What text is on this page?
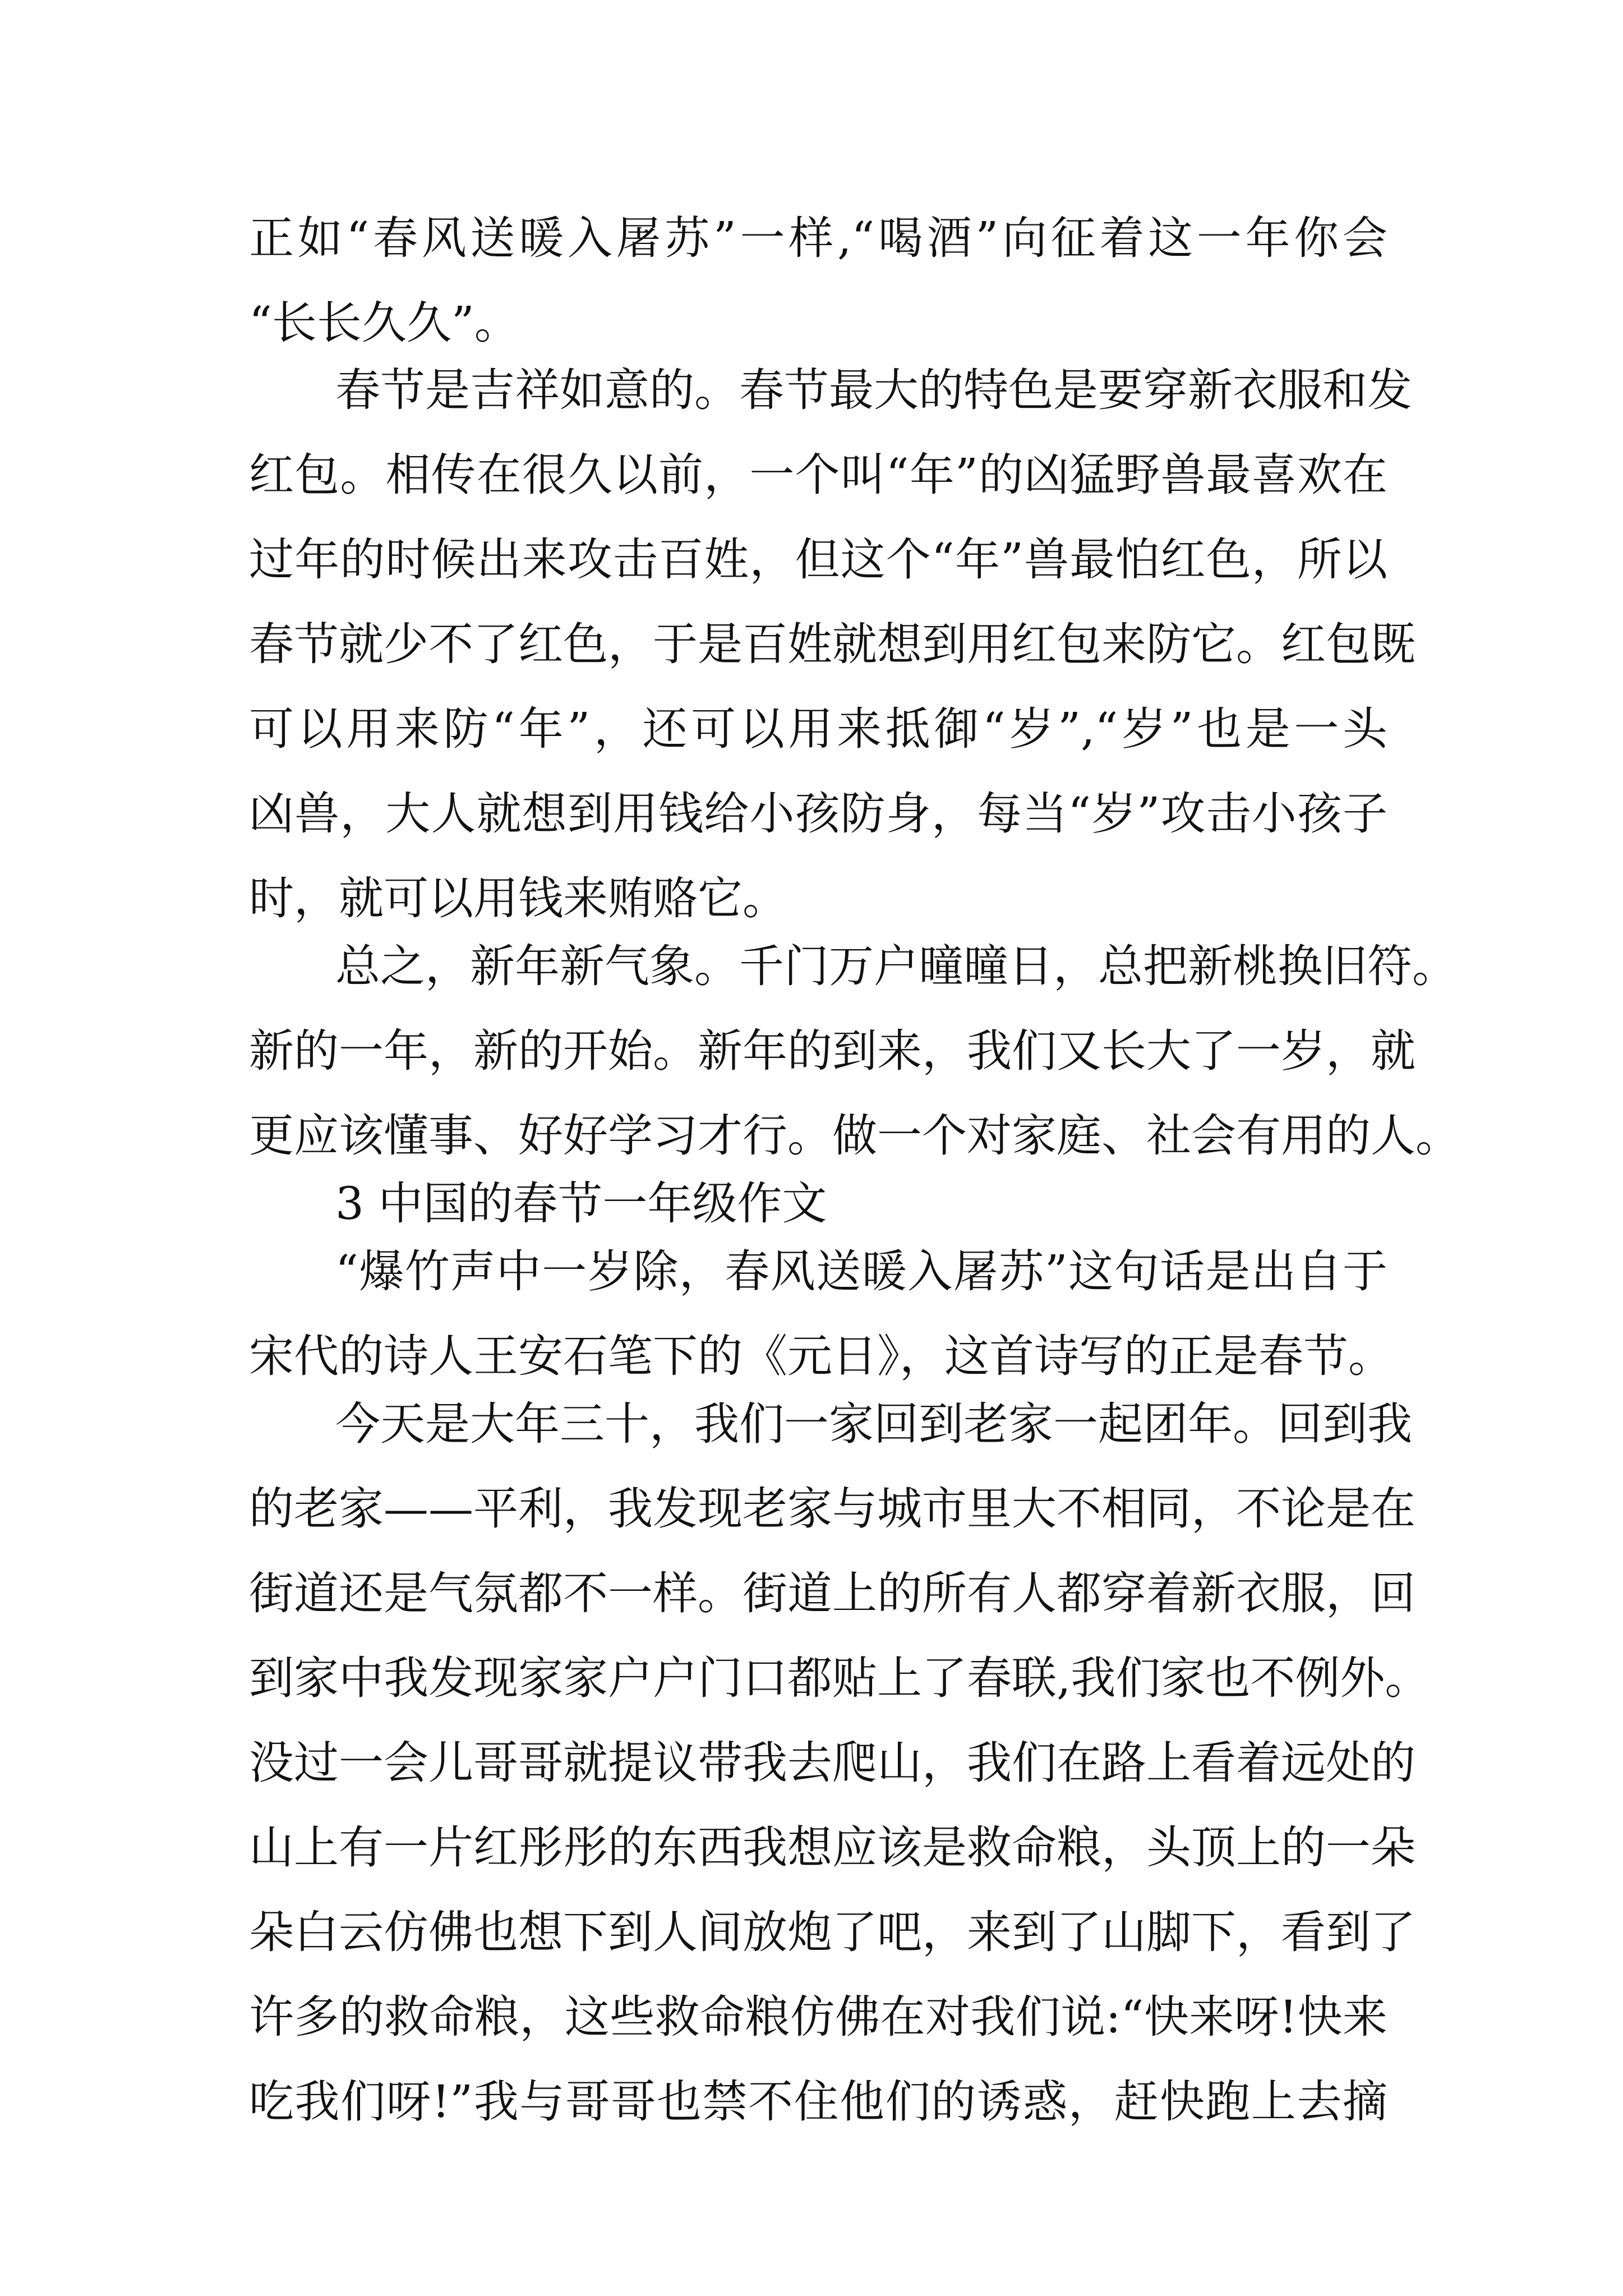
正如“春风送暖入屠苏”一样,“喝酒”向征着这一年你会
“长长久久”。
春节是吉祥如意的。春节最大的特色是要穿新衣服和发
红包。相传在很久以前，一个叫“年”的凶猛野兽最喜欢在
过年的时候出来攻击百姓，但这个“年”兽最怕红色，所以
春节就少不了红色，于是百姓就想到用红包来防它。红包既
可以用来防“年”，还可以用来抵御“岁”,“岁”也是一头
凶兽，大人就想到用钱给小孩防身，每当“岁”攻击小孩子
时，就可以用钱来贿赂它。
总之，新年新气象。千门万户曈曈日，总把新桃换旧符。
新的一年，新的开始。新年的到来，我们又长大了一岁，就
更应该懂事、好好学习才行。做一个对家庭、社会有用的人。
3 中国的春节一年级作文
“爆竹声中一岁除，春风送暖入屠苏”这句话是出自于
宋代的诗人王安石笔下的《元日》，这首诗写的正是春节。
今天是大年三十，我们一家回到老家一起团年。回到我
的老家——平利，我发现老家与城市里大不相同，不论是在
街道还是气氛都不一样。街道上的所有人都穿着新衣服，回
到家中我发现家家户户门口都贴上了春联,我们家也不例外。
没过一会儿哥哥就提议带我去爬山，我们在路上看着远处的
山上有一片红彤彤的东西我想应该是救命粮，头顶上的一朵
朵白云仿佛也想下到人间放炮了吧，来到了山脚下，看到了
许多的救命粮，这些救命粮仿佛在对我们说:“快来呀!快来
吃我们呀!”我与哥哥也禁不住他们的诱惑，赶快跑上去摘
